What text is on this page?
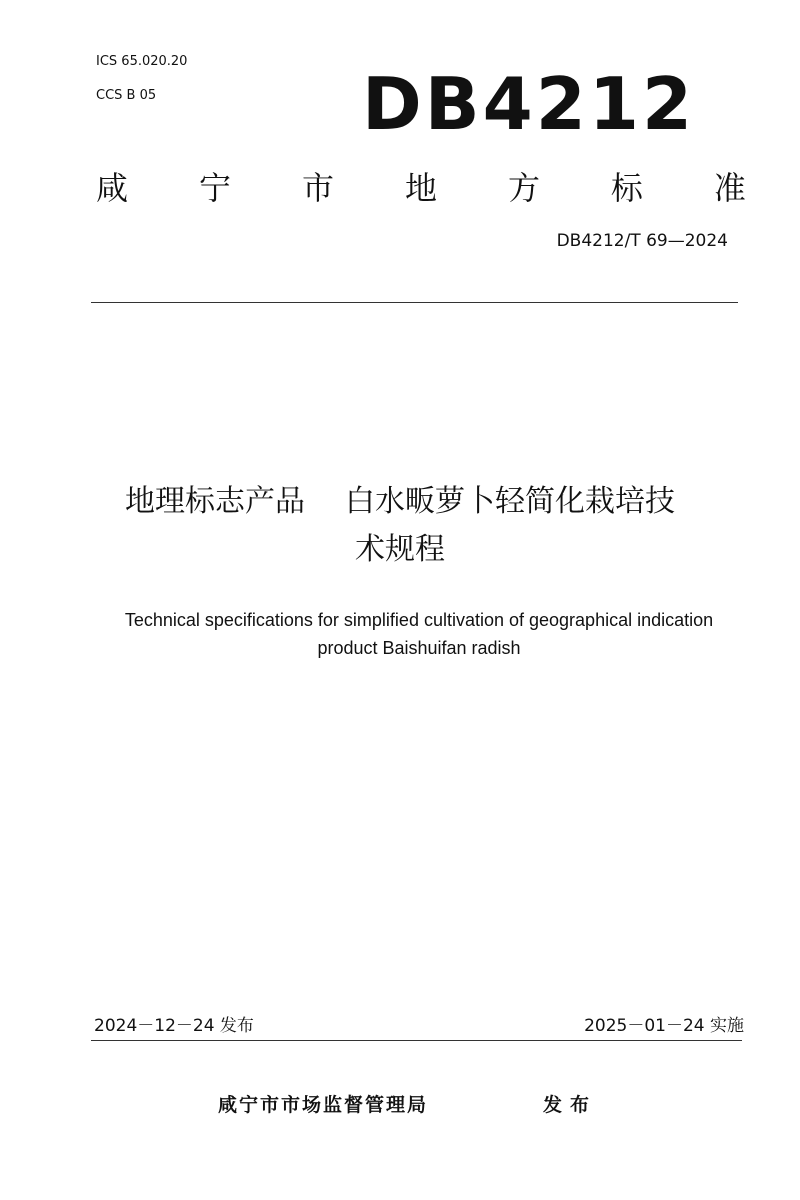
ICS 65.020.20
CCS B 05	DB4212
咸 宁 市 地 方 标 准
DB4212/T 69—2024
地理标志产品 白水畈萝卜轻简化栽培技
术规程
Technical specifications for simplified cultivation of geographical indication
product Baishuifan radish
2024－12－24 发布	2025－01－24 实施
咸宁市市场监督管理局	发布
